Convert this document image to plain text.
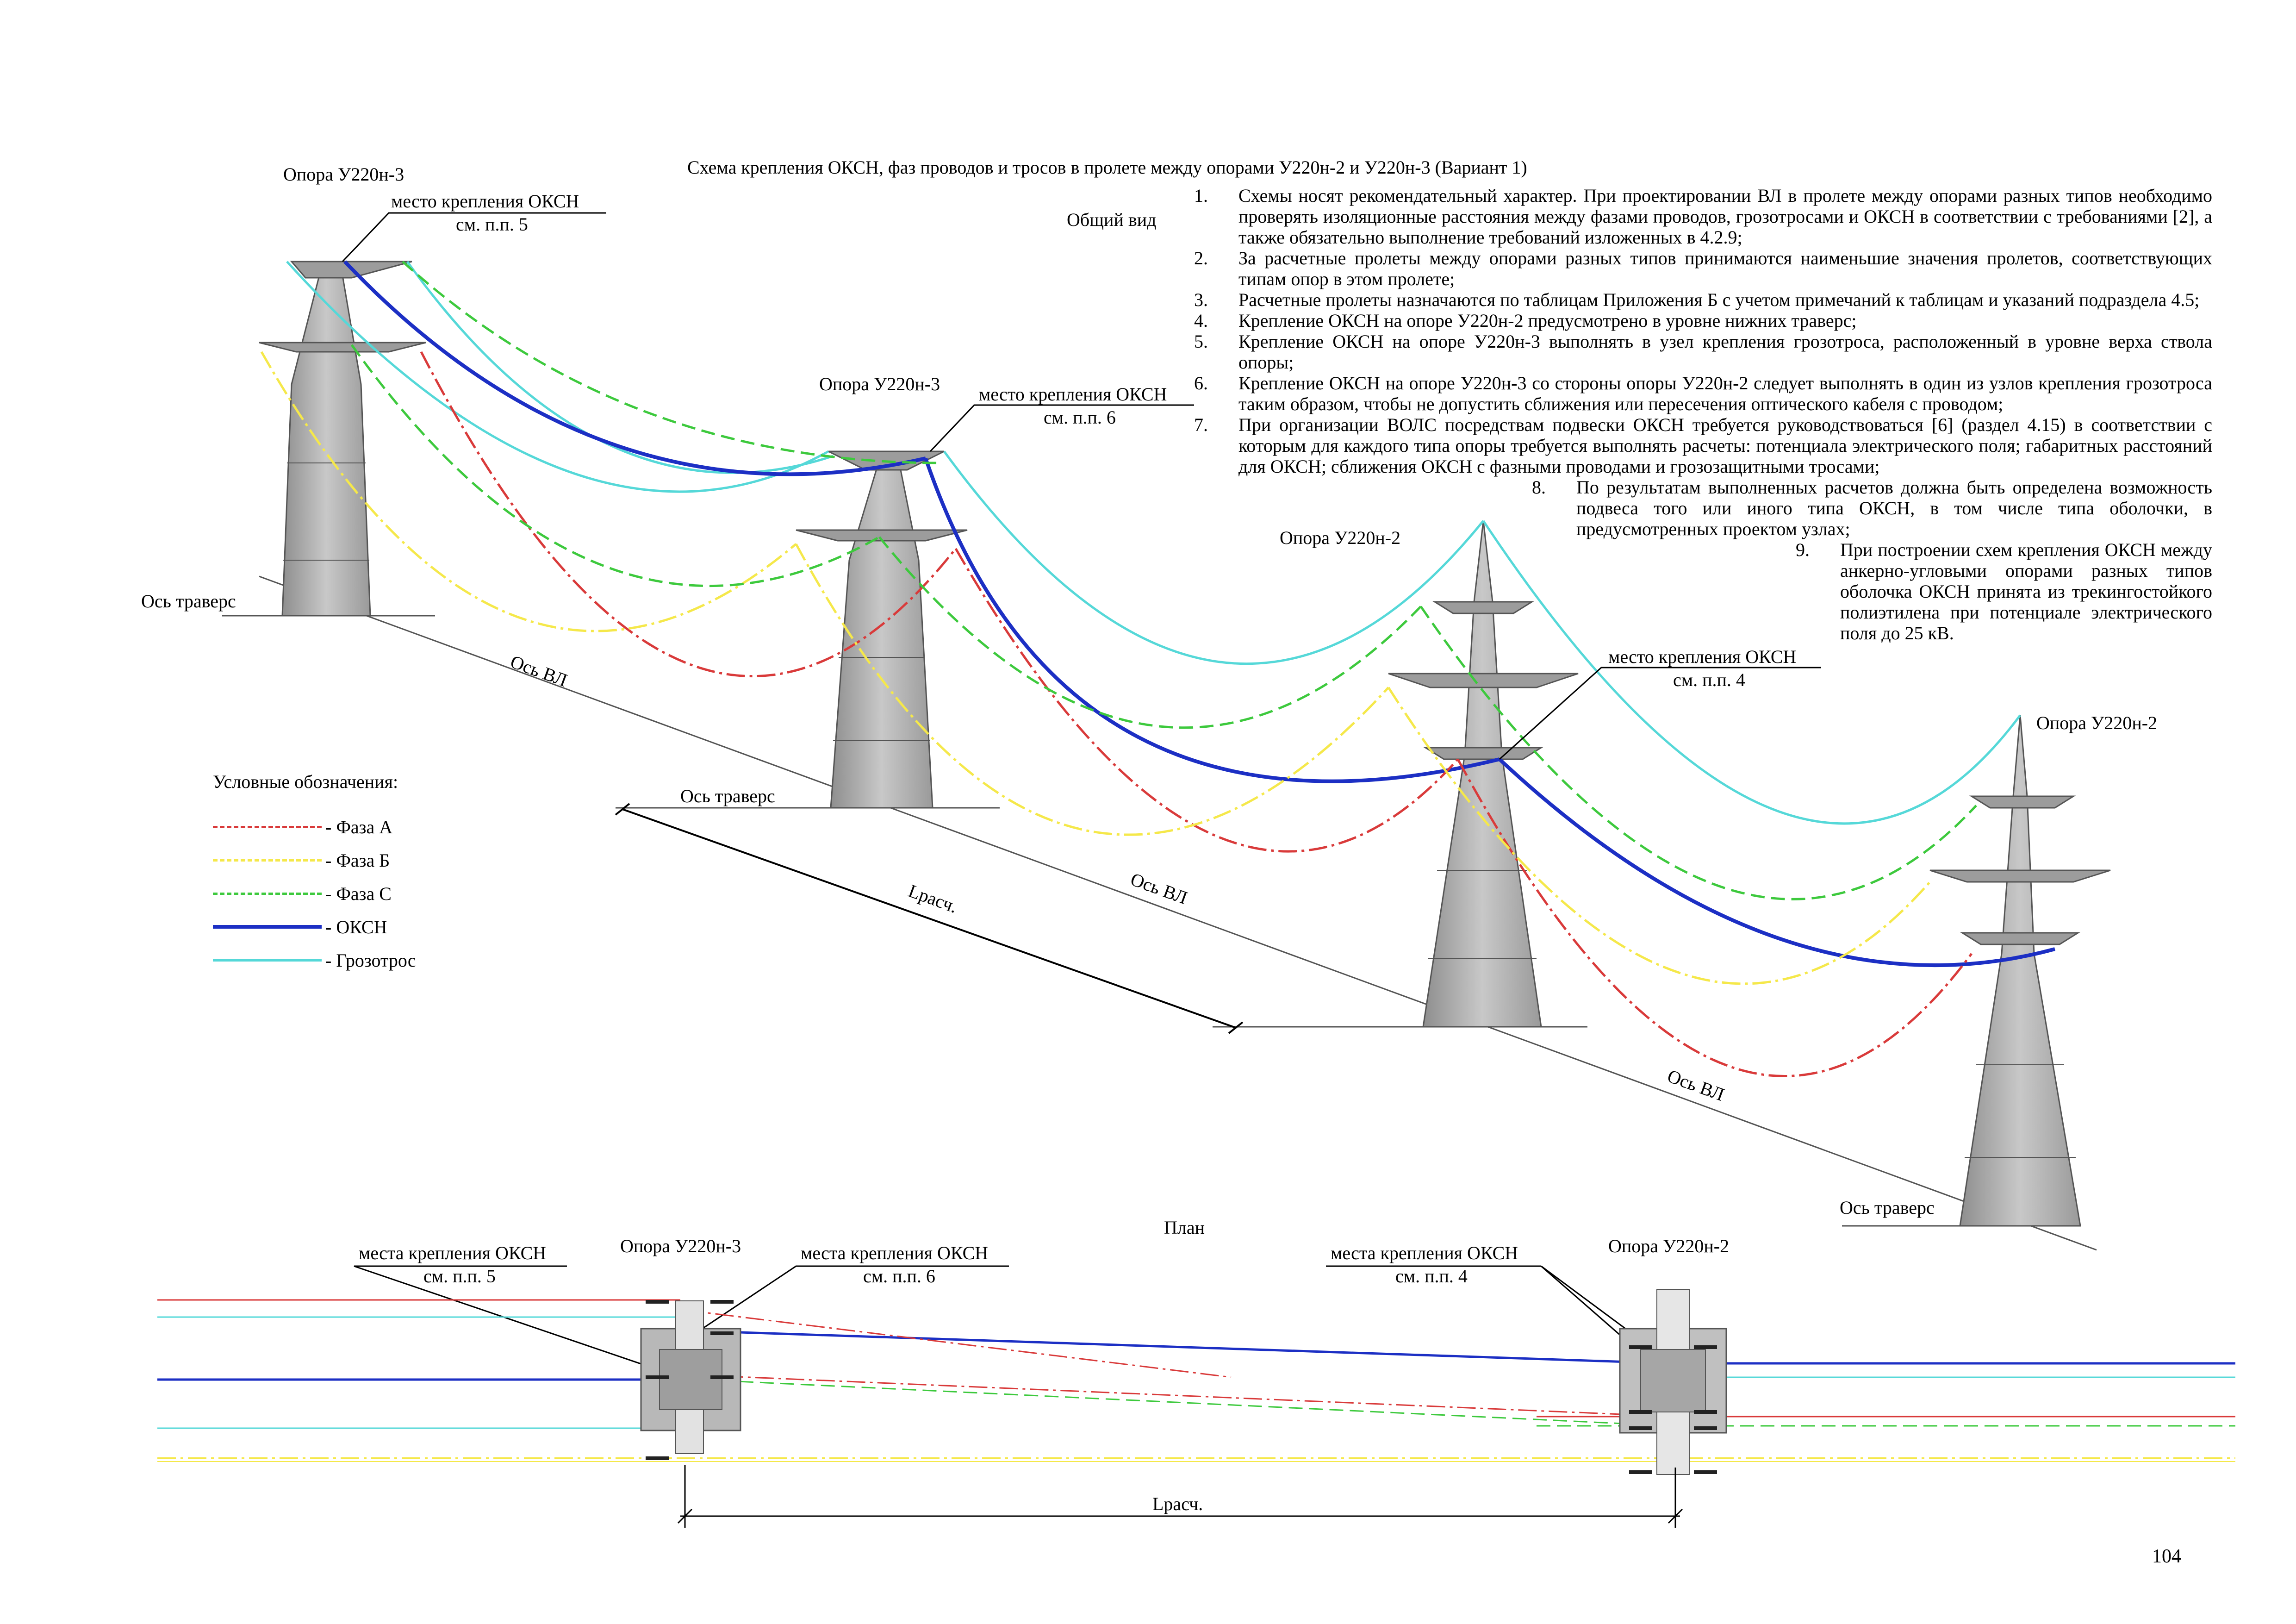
Схема крепления ОКСН, фаз проводов и тросов в пролете между опорами У220н-2 и У220н-3 (Вариант 1)
Общий вид
Опора У220н-3
Опора У220н-3
Опора У220н-2
Опора У220н-2
место крепления ОКСН
см. п.п. 5
место крепления ОКСН
см. п.п. 6
место крепления ОКСН
см. п.п. 4
Ось траверс
Ось траверс
Ось траверс
Ось ВЛ
Ось ВЛ
Ось ВЛ
Lрасч.
План
Опора У220н-3	Опора У220н-2
места крепления ОКСН
см. п.п. 5
места крепления ОКСН
см. п.п. 6
места крепления ОКСН
см. п.п. 4
Lрасч.
104
1.	Схемы носят рекомендательный характер. При проектировании ВЛ в пролете между опорами разных типов необходимо проверять изоляционные расстояния между фазами проводов, грозотросами и ОКСН в соответствии с требованиями [2], а также обязательно выполнение требований изложенных в 4.2.9;
2.	За расчетные пролеты между опорами разных типов принимаются наименьшие значения пролетов, соответствующих типам опор в этом пролете;
3.	Расчетные пролеты назначаются по таблицам Приложения Б с учетом примечаний к таблицам и указаний подраздела 4.5;
4.	Крепление ОКСН на опоре У220н-2 предусмотрено в уровне нижних траверс;
5.	Крепление ОКСН на опоре У220н-3 выполнять в узел крепления грозотроса, расположенный в уровне верха ствола опоры;
6.	Крепление ОКСН на опоре У220н-3 со стороны опоры У220н-2 следует выполнять в один из узлов крепления грозотроса таким образом, чтобы не допустить сближения или пересечения оптического кабеля с проводом;
7.	При организации ВОЛС посредствам подвески ОКСН требуется руководствоваться [6] (раздел 4.15) в соответствии с которым для каждого типа опоры требуется выполнять расчеты: потенциала электрического поля; габаритных расстояний для ОКСН; сближения ОКСН с фазными проводами и грозозащитными тросами;
8.	По результатам выполненных расчетов должна быть определена возможность подвеса того или иного типа ОКСН, в том числе типа оболочки, в предусмотренных проектом узлах;
9.	При построении схем крепления ОКСН между анкерно-угловыми опорами разных типов оболочка ОКСН принята из трекингостойкого полиэтилена при потенциале электрического поля до 25 кВ.
Условные обозначения:
- Фаза А
- Фаза Б
- Фаза С
- ОКСН
- Грозотрос
